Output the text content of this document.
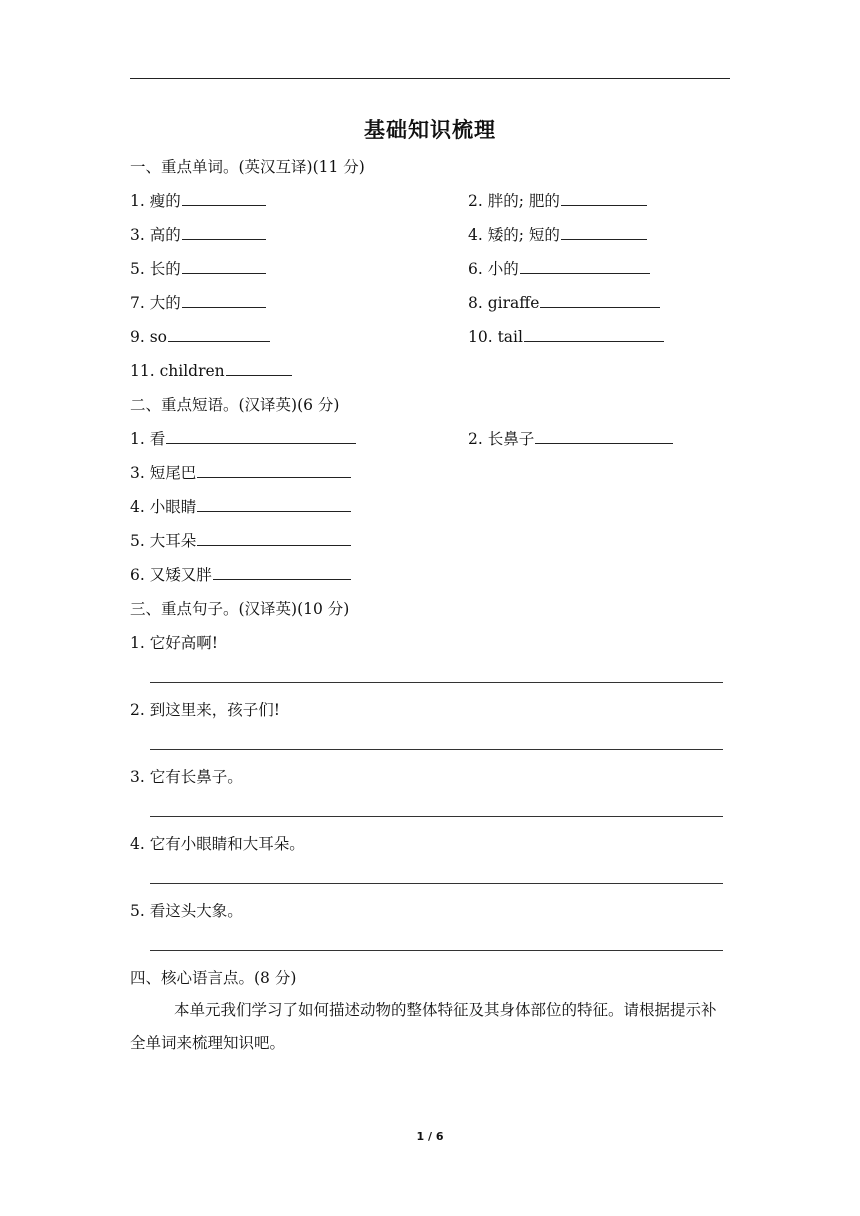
基础知识梳理
一、重点单词。(英汉互译)(11 分)
1. 瘦的	2. 胖的; 肥的
3. 高的	4. 矮的; 短的
5. 长的	6. 小的
7. 大的	8. giraffe
9. so	10. tail
11. children
二、重点短语。(汉译英)(6 分)
1. 看	2. 长鼻子
3. 短尾巴
4. 小眼睛
5. 大耳朵
6. 又矮又胖
三、重点句子。(汉译英)(10 分)
1. 它好高啊!
2. 到这里来，孩子们!
3. 它有长鼻子。
4. 它有小眼睛和大耳朵。
5. 看这头大象。
四、核心语言点。(8 分)
本单元我们学习了如何描述动物的整体特征及其身体部位的特征。请根据提示补全单词来梳理知识吧。
1 / 6
